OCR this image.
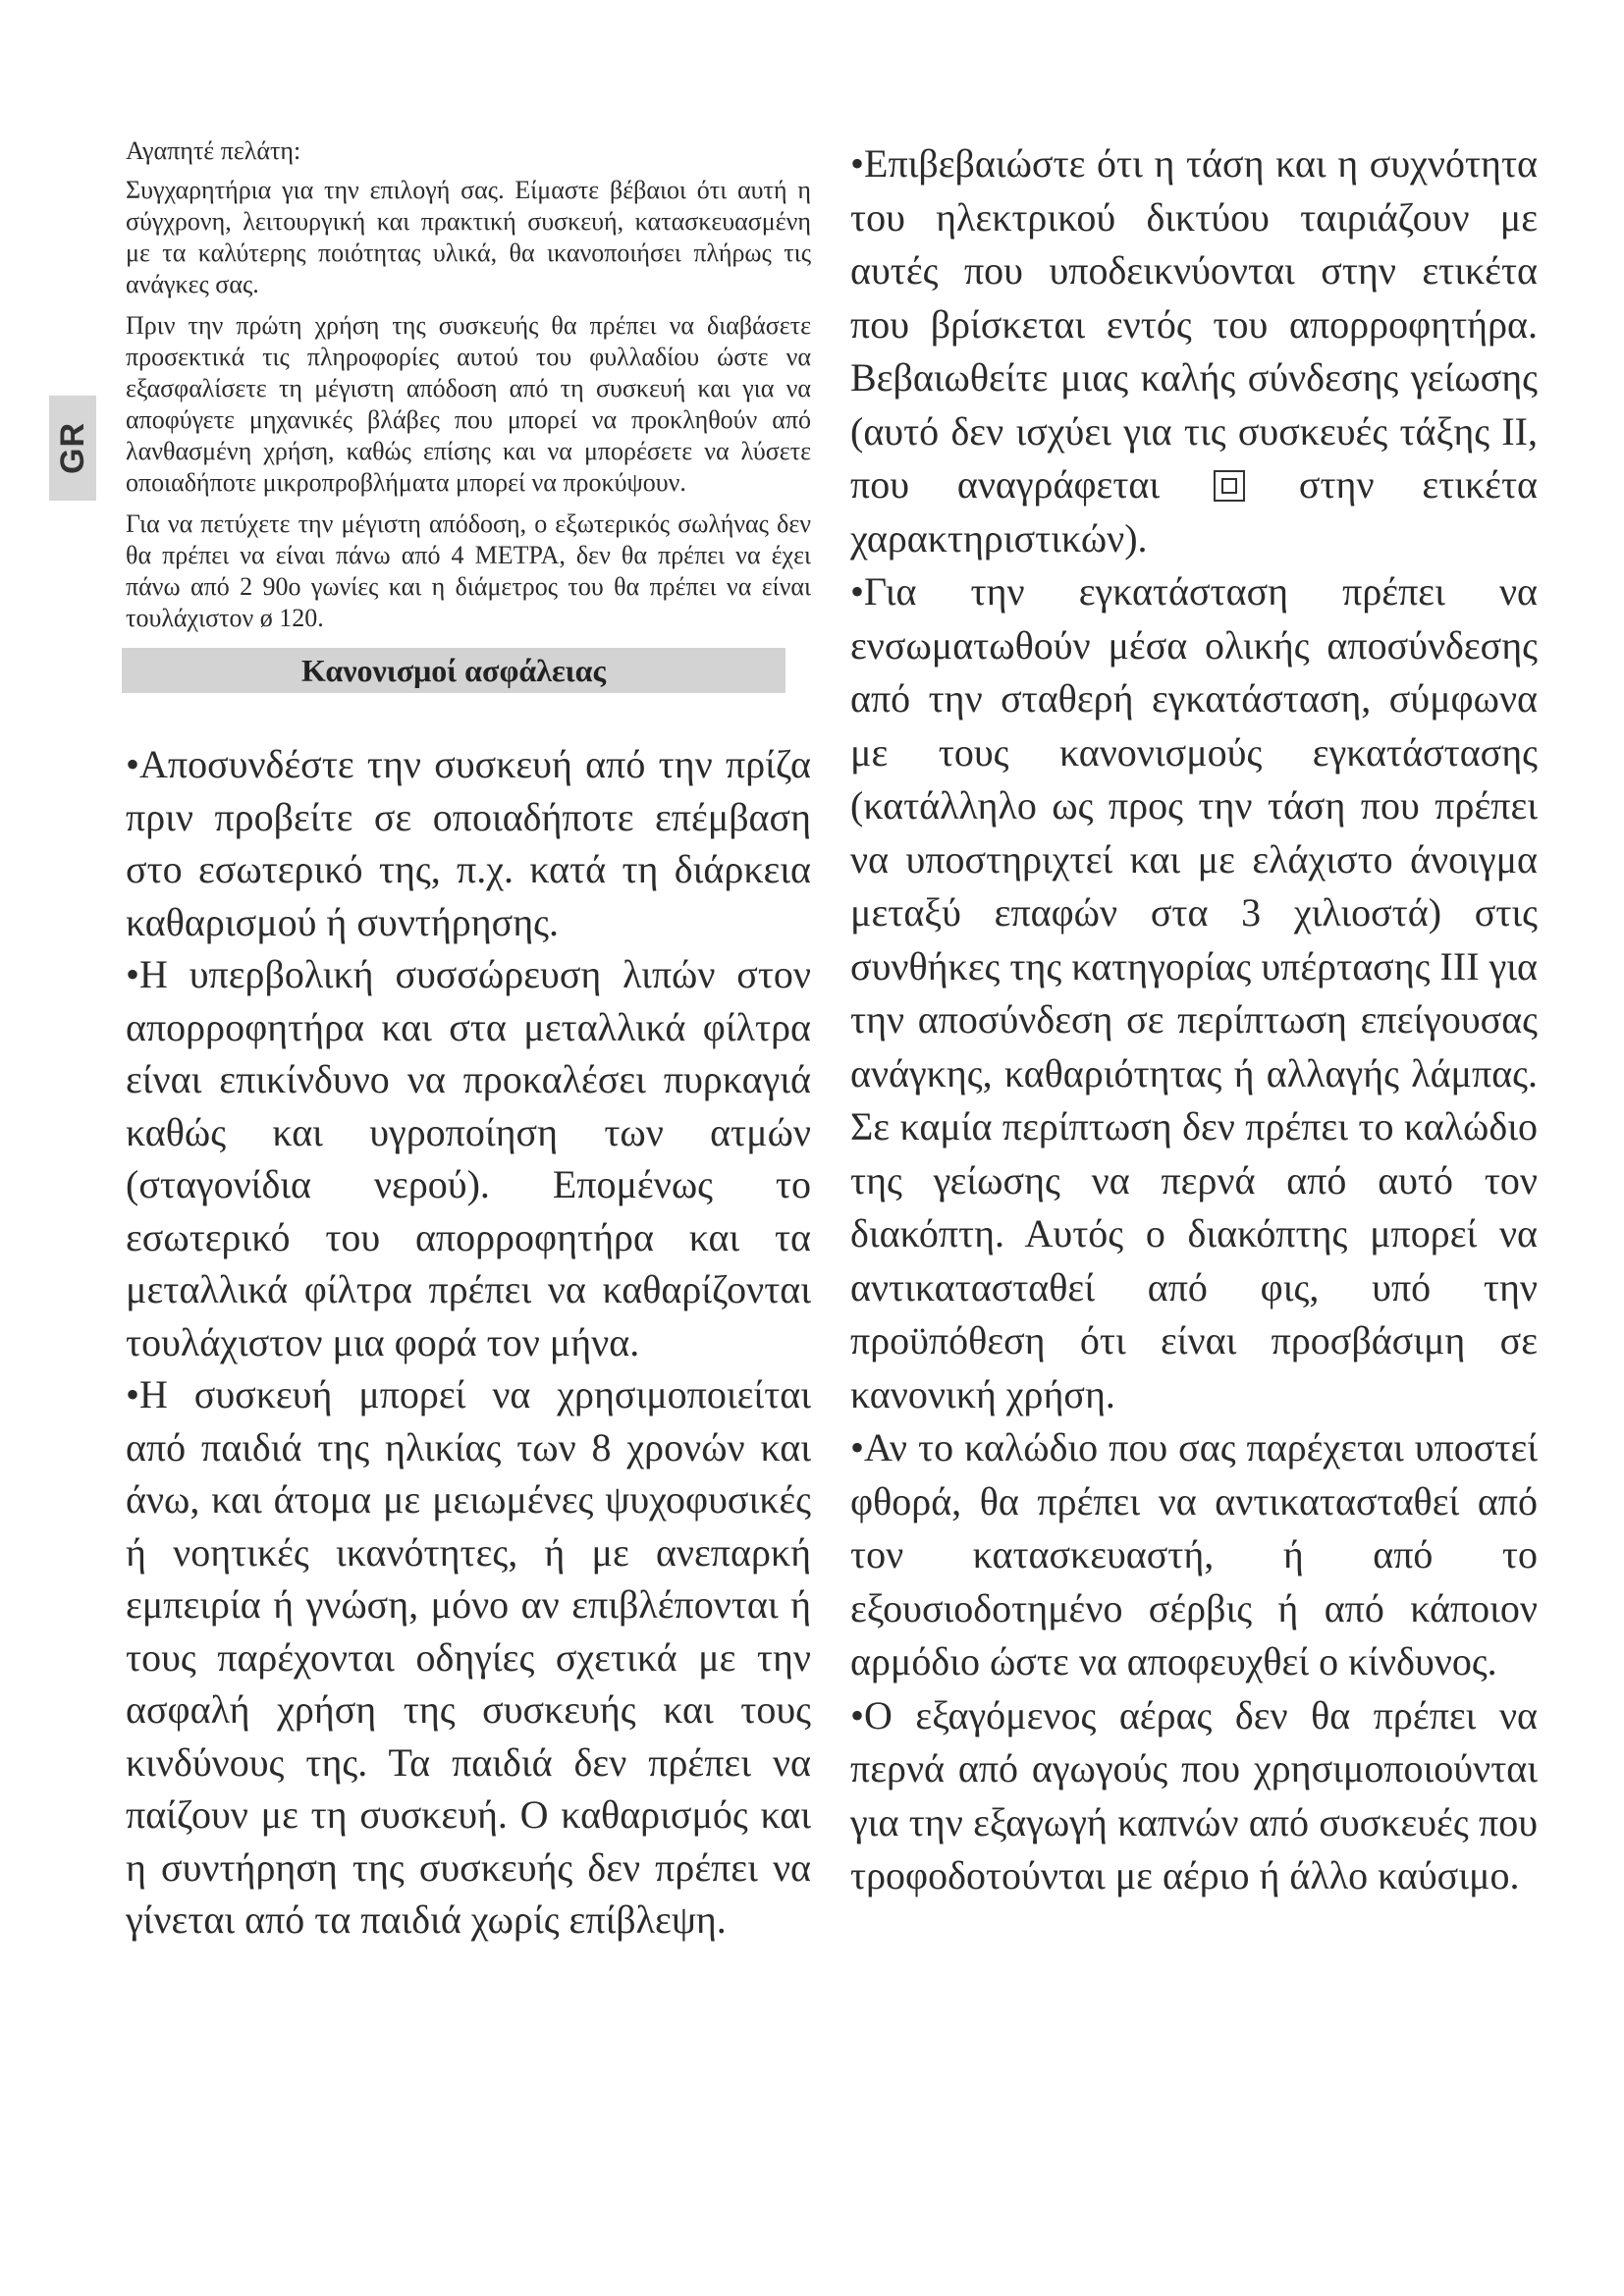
GR

Αγαπητέ πελάτη:

Συγχαρητήρια για την επιλογή σας. Είμαστε βέβαιοι ότι αυτή η σύγχρονη, λειτουργική και πρακτική συσκευή, κατασκευασμένη με τα καλύτερης ποιότητας υλικά, θα ικανοποιήσει πλήρως τις ανάγκες σας.

Πριν την πρώτη χρήση της συσκευής θα πρέπει να διαβάσετε προσεκτικά τις πληροφορίες αυτού του φυλλαδίου ώστε να εξασφαλίσετε τη μέγιστη απόδοση από τη συσκευή και για να αποφύγετε μηχανικές βλάβες που μπορεί να προκληθούν από λανθασμένη χρήση, καθώς επίσης και να μπορέσετε να λύσετε οποιαδήποτε μικροπροβλήματα μπορεί να προκύψουν.

Για να πετύχετε την μέγιστη απόδοση, ο εξωτερικός σωλήνας δεν θα πρέπει να είναι πάνω από 4 ΜΕΤΡΑ, δεν θα πρέπει να έχει πάνω από 2 90ο γωνίες και η διάμετρος του θα πρέπει να είναι τουλάχιστον ø 120.

Κανονισμοί ασφάλειας

•Αποσυνδέστε την συσκευή από την πρίζα πριν προβείτε σε οποιαδήποτε επέμβαση στο εσωτερικό της, π.χ. κατά τη διάρκεια καθαρισμού ή συντήρησης.

•Η υπερβολική συσσώρευση λιπών στον απορροφητήρα και στα μεταλλικά φίλτρα είναι επικίνδυνο να προκαλέσει πυρκαγιά καθώς και υγροποίηση των ατμών (σταγονίδια νερού). Επομένως το εσωτερικό του απορροφητήρα και τα μεταλλικά φίλτρα πρέπει να καθαρίζονται τουλάχιστον μια φορά τον μήνα.

•Η συσκευή μπορεί να χρησιμοποιείται από παιδιά της ηλικίας των 8 χρονών και άνω, και άτομα με μειωμένες ψυχοφυσικές ή νοητικές ικανότητες, ή με ανεπαρκή εμπειρία ή γνώση, μόνο αν επιβλέπονται ή τους παρέχονται οδηγίες σχετικά με την ασφαλή χρήση της συσκευής και τους κινδύνους της. Τα παιδιά δεν πρέπει να παίζουν με τη συσκευή. Ο καθαρισμός και η συντήρηση της συσκευής δεν πρέπει να γίνεται από τα παιδιά χωρίς επίβλεψη.

•Επιβεβαιώστε ότι η τάση και η συχνότητα του ηλεκτρικού δικτύου ταιριάζουν με αυτές που υποδεικνύονται στην ετικέτα που βρίσκεται εντός του απορροφητήρα. Βεβαιωθείτε μιας καλής σύνδεσης γείωσης (αυτό δεν ισχύει για τις συσκευές τάξης II, που αναγράφεται	στην ετικέτα χαρακτηριστικών).

•Για την εγκατάσταση πρέπει να ενσωματωθούν μέσα ολικής αποσύνδεσης από την σταθερή εγκατάσταση, σύμφωνα με τους κανονισμούς εγκατάστασης (κατάλληλο ως προς την τάση που πρέπει να υποστηριχτεί και με ελάχιστο άνοιγμα μεταξύ επαφών στα 3 χιλιοστά) στις συνθήκες της κατηγορίας υπέρτασης III για την αποσύνδεση σε περίπτωση επείγουσας ανάγκης, καθαριότητας ή αλλαγής λάμπας. Σε καμία περίπτωση δεν πρέπει το καλώδιο της γείωσης να περνά από αυτό τον διακόπτη. Αυτός ο διακόπτης μπορεί να αντικατασταθεί από φις, υπό την προϋπόθεση ότι είναι προσβάσιμη σε κανονική χρήση.

•Αν το καλώδιο που σας παρέχεται υποστεί φθορά, θα πρέπει να αντικατασταθεί από τον κατασκευαστή, ή από το εξουσιοδοτημένο σέρβις ή από κάποιον αρμόδιο ώστε να αποφευχθεί ο κίνδυνος.

•Ο εξαγόμενος αέρας δεν θα πρέπει να περνά από αγωγούς που χρησιμοποιούνται για την εξαγωγή καπνών από συσκευές που τροφοδοτούνται με αέριο ή άλλο καύσιμο.
